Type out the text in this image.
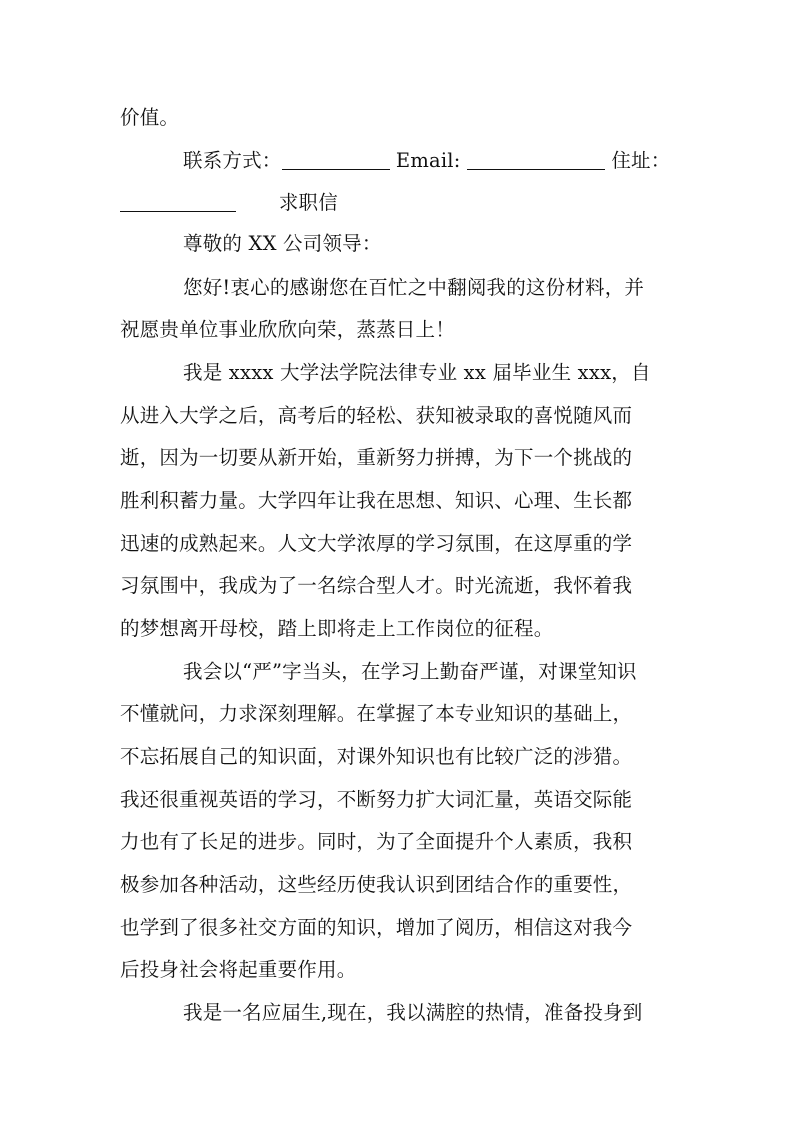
价值。
联系方式：	Email:	住址：
求职信
尊敬的 XX 公司领导：
您好!衷心的感谢您在百忙之中翻阅我的这份材料，并
祝愿贵单位事业欣欣向荣，蒸蒸日上！
我是 xxxx 大学法学院法律专业 xx 届毕业生 xxx，自
从进入大学之后，高考后的轻松、获知被录取的喜悦随风而
逝，因为一切要从新开始，重新努力拼搏，为下一个挑战的
胜利积蓄力量。大学四年让我在思想、知识、心理、生长都
迅速的成熟起来。人文大学浓厚的学习氛围，在这厚重的学
习氛围中，我成为了一名综合型人才。时光流逝，我怀着我
的梦想离开母校，踏上即将走上工作岗位的征程。
我会以“严”字当头，在学习上勤奋严谨，对课堂知识
不懂就问，力求深刻理解。在掌握了本专业知识的基础上，
不忘拓展自己的知识面，对课外知识也有比较广泛的涉猎。
我还很重视英语的学习，不断努力扩大词汇量，英语交际能
力也有了长足的进步。同时，为了全面提升个人素质，我积
极参加各种活动，这些经历使我认识到团结合作的重要性，
也学到了很多社交方面的知识，增加了阅历，相信这对我今
后投身社会将起重要作用。
我是一名应届生,现在，我以满腔的热情，准备投身到
